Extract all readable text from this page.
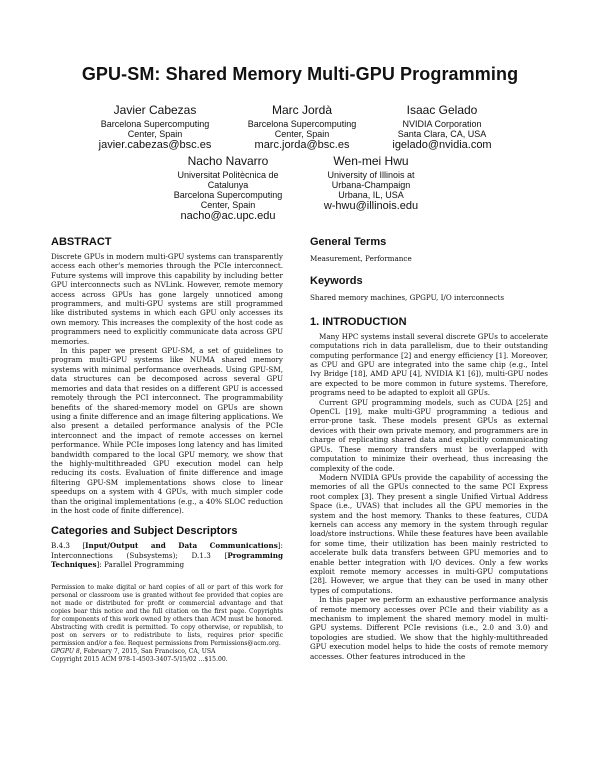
GPU-SM: Shared Memory Multi-GPU Programming
Javier Cabezas
Barcelona Supercomputing
Center, Spain
javier.cabezas@bsc.es
Marc Jordà
Barcelona Supercomputing
Center, Spain
marc.jorda@bsc.es
Isaac Gelado
NVIDIA Corporation
Santa Clara, CA, USA
igelado@nvidia.com
Nacho Navarro
Universitat Politècnica de
Catalunya
Barcelona Supercomputing
Center, Spain
nacho@ac.upc.edu
Wen-mei Hwu
University of Illinois at
Urbana-Champaign
Urbana, IL, USA
w-hwu@illinois.edu
ABSTRACT

Discrete GPUs in modern multi-GPU systems can transparently access each other's memories through the PCIe interconnect. Future systems will improve this capability by including better GPU interconnects such as NVLink. However, remote memory access across GPUs has gone largely unnoticed among programmers, and multi-GPU systems are still programmed like distributed systems in which each GPU only accesses its own memory. This increases the complexity of the host code as programmers need to explicitly communicate data across GPU memories.

In this paper we present GPU-SM, a set of guidelines to program multi-GPU systems like NUMA shared memory systems with minimal performance overheads. Using GPU-SM, data structures can be decomposed across several GPU memories and data that resides on a different GPU is accessed remotely through the PCI interconnect. The programmability benefits of the shared-memory model on GPUs are shown using a finite difference and an image filtering applications. We also present a detailed performance analysis of the PCIe interconnect and the impact of remote accesses on kernel performance. While PCIe imposes long latency and has limited bandwidth compared to the local GPU memory, we show that the highly-multithreaded GPU execution model can help reducing its costs. Evaluation of finite difference and image filtering GPU-SM implementations shows close to linear speedups on a system with 4 GPUs, with much simpler code than the original implementations (e.g., a 40% SLOC reduction in the host code of finite difference).

Categories and Subject Descriptors

B.4.3 [Input/Output and Data Communications]: Interconnections (Subsystems); D.1.3 [Programming Techniques]: Parallel Programming

Permission to make digital or hard copies of all or part of this work for personal or classroom use is granted without fee provided that copies are not made or distributed for profit or commercial advantage and that copies bear this notice and the full citation on the first page. Copyrights for components of this work owned by others than ACM must be honored. Abstracting with credit is permitted. To copy otherwise, or republish, to post on servers or to redistribute to lists, requires prior specific permission and/or a fee. Request permissions from Permissions@acm.org.

GPGPU 8, February 7, 2015, San Francisco, CA, USA

Copyright 2015 ACM 978-1-4503-3407-5/15/02 ...$15.00.

General Terms

Measurement, Performance

Keywords

Shared memory machines, GPGPU, I/O interconnects

1. INTRODUCTION

Many HPC systems install several discrete GPUs to accelerate computations rich in data parallelism, due to their outstanding computing performance [2] and energy efficiency [1]. Moreover, as CPU and GPU are integrated into the same chip (e.g., Intel Ivy Bridge [18], AMD APU [4], NVIDIA K1 [6]), multi-GPU nodes are expected to be more common in future systems. Therefore, programs need to be adapted to exploit all GPUs.

Current GPU programming models, such as CUDA [25] and OpenCL [19], make multi-GPU programming a tedious and error-prone task. These models present GPUs as external devices with their own private memory, and programmers are in charge of replicating shared data and explicitly communicating GPUs. These memory transfers must be overlapped with computation to minimize their overhead, thus increasing the complexity of the code.

Modern NVIDIA GPUs provide the capability of accessing the memories of all the GPUs connected to the same PCI Express root complex [3]. They present a single Unified Virtual Address Space (i.e., UVAS) that includes all the GPU memories in the system and the host memory. Thanks to these features, CUDA kernels can access any memory in the system through regular load/store instructions. While these features have been available for some time, their utilization has been mainly restricted to accelerate bulk data transfers between GPU memories and to enable better integration with I/O devices. Only a few works exploit remote memory accesses in multi-GPU computations [28]. However, we argue that they can be used in many other types of computations.

In this paper we perform an exhaustive performance analysis of remote memory accesses over PCIe and their viability as a mechanism to implement the shared memory model in multi-GPU systems. Different PCIe revisions (i.e., 2.0 and 3.0) and topologies are studied. We show that the highly-multithreaded GPU execution model helps to hide the costs of remote memory accesses. Other features introduced in the
